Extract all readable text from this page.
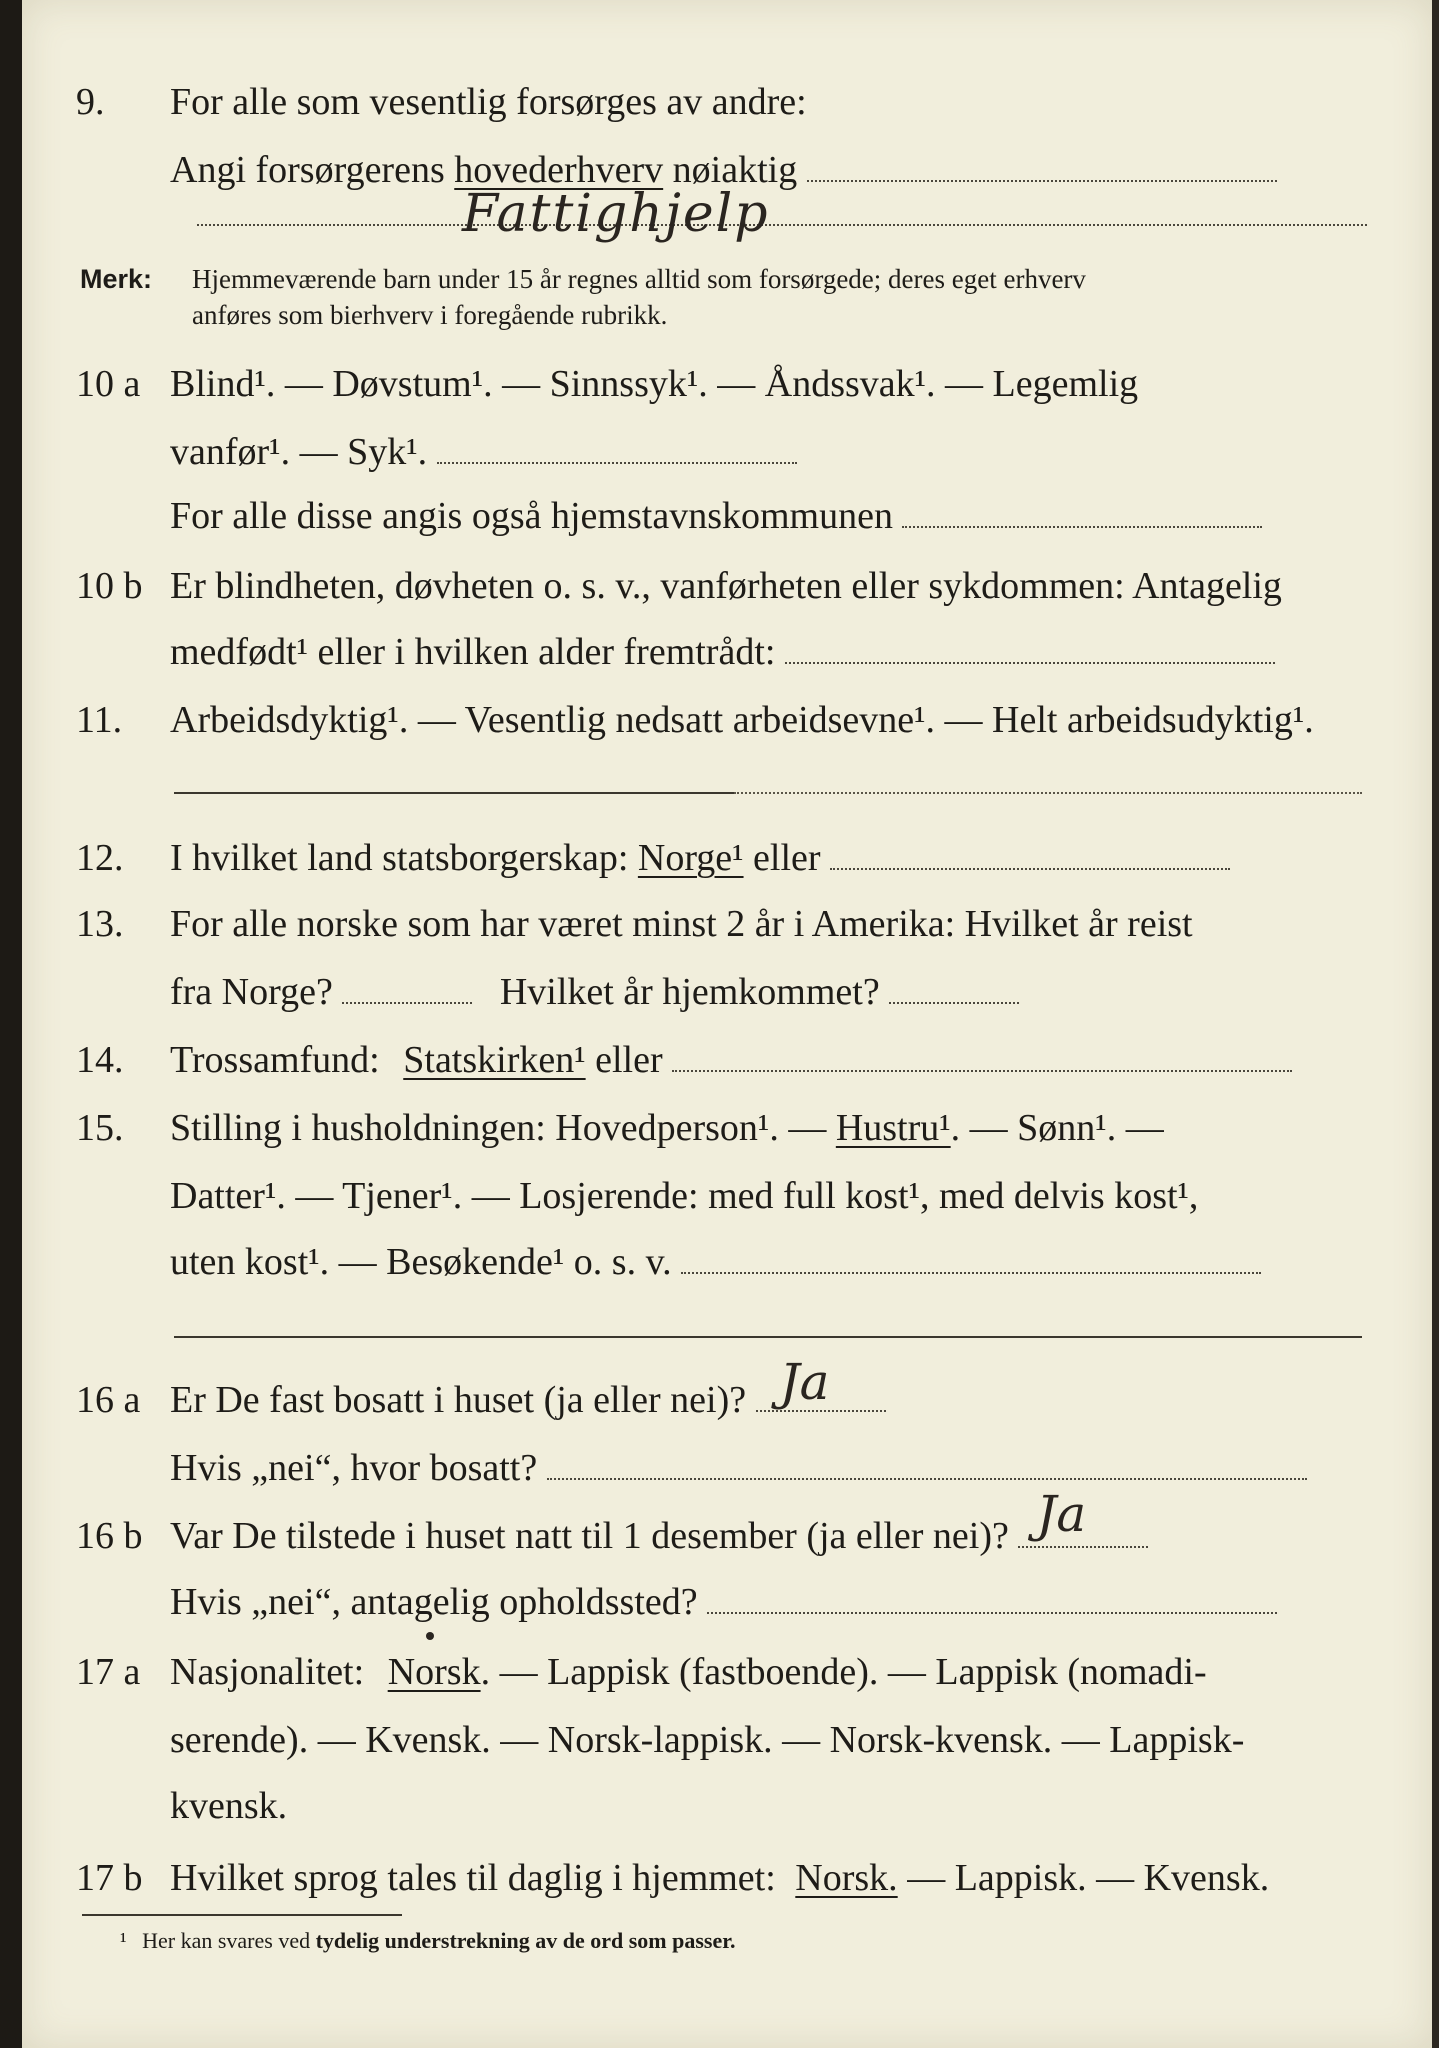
9. For alle som vesentlig forsørges av andre:
Angi forsørgerens hovederhverv nøiaktig
Fattighjelp
Merk: Hjemmeværende barn under 15 år regnes alltid som forsørgede; deres eget erhverv
anføres som bierhverv i foregående rubrikk.
10 a Blind¹. — Døvstum¹. — Sinnssyk¹. — Åndssvak¹. — Legemlig
vanfør¹. — Syk¹.
For alle disse angis også hjemstavnskommunen
10 b Er blindheten, døvheten o. s. v., vanførheten eller sykdommen: Antagelig
medfødt¹ eller i hvilken alder fremtrådt:
11. Arbeidsdyktig¹. — Vesentlig nedsatt arbeidsevne¹. — Helt arbeidsudyktig¹.
12. I hvilket land statsborgerskap: Norge¹ eller
13. For alle norske som har været minst 2 år i Amerika: Hvilket år reist
fra Norge?	Hvilket år hjemkommet?
14. Trossamfund: Statskirken¹ eller
15. Stilling i husholdningen: Hovedperson¹. — Hustru¹. — Sønn¹. —
Datter¹. — Tjener¹. — Losjerende: med full kost¹, med delvis kost¹,
uten kost¹. — Besøkende¹ o. s. v.
16 a Er De fast bosatt i huset (ja eller nei)? Ja
Hvis „nei“, hvor bosatt?
16 b Var De tilstede i huset natt til 1 desember (ja eller nei)? Ja
Hvis „nei“, antagelig opholdssted?
17 a Nasjonalitet: Norsk. — Lappisk (fastboende). — Lappisk (nomadi-
serende). — Kvensk. — Norsk-lappisk. — Norsk-kvensk. — Lappisk-
kvensk.
17 b Hvilket sprog tales til daglig i hjemmet: Norsk. — Lappisk. — Kvensk.
¹ Her kan svares ved tydelig understrekning av de ord som passer.
